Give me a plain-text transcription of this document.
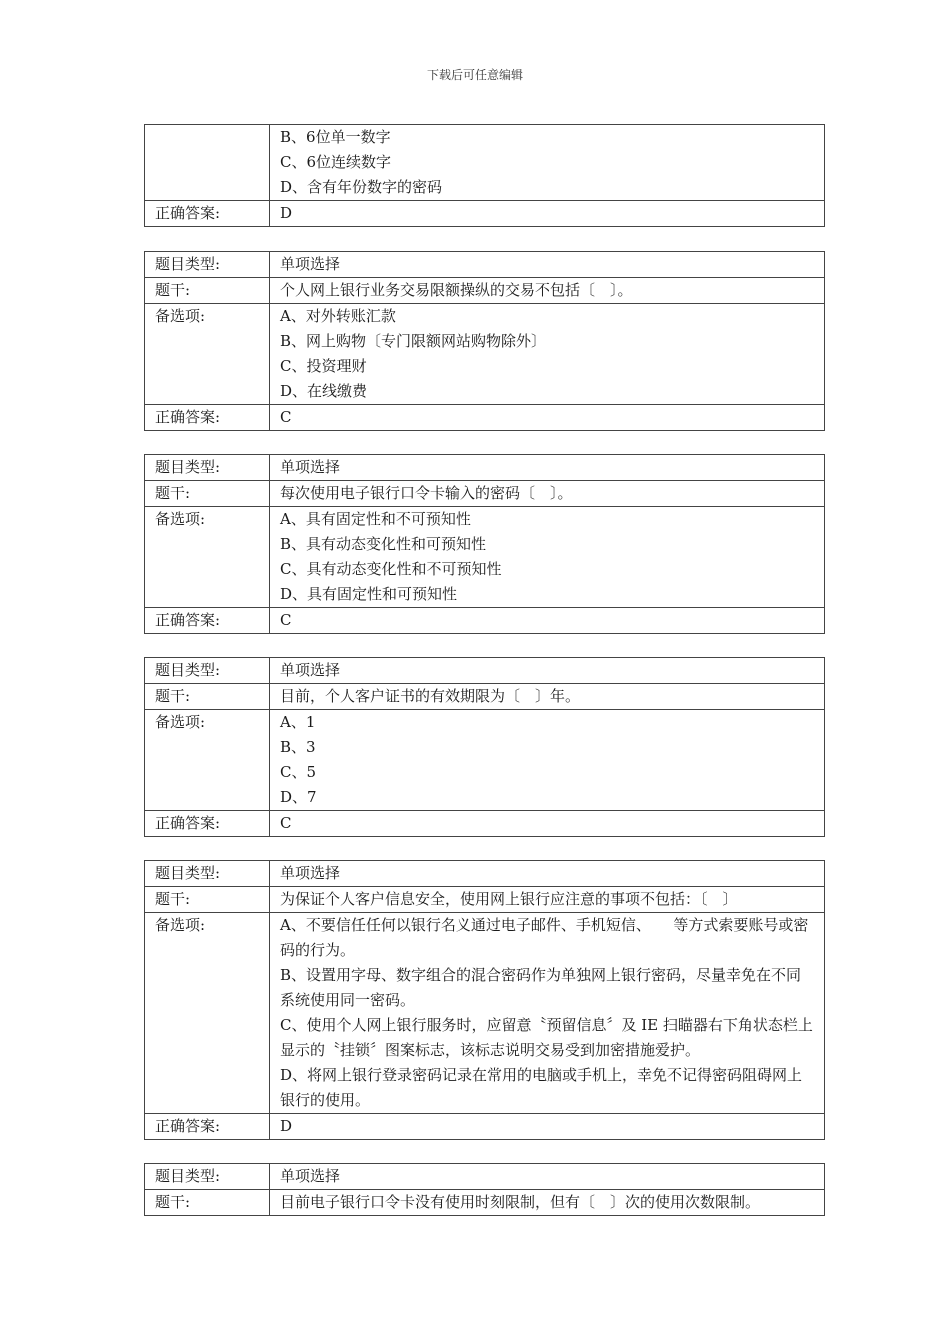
下载后可任意编辑

	B、6位单一数字
C、6位连续数字
D、含有年份数字的密码

正确答案:	D
题目类型:	单项选择
题干:	个人网上银行业务交易限额操纵的交易不包括〔　〕。
备选项:	A、对外转账汇款
B、网上购物〔专门限额网站购物除外〕
C、投资理财
D、在线缴费

正确答案:	C
题目类型:	单项选择
题干:	每次使用电子银行口令卡输入的密码〔　〕。
备选项:	A、具有固定性和不可预知性
B、具有动态变化性和可预知性
C、具有动态变化性和不可预知性
D、具有固定性和可预知性

正确答案:	C
题目类型:	单项选择
题干:	目前，个人客户证书的有效期限为〔　〕年。
备选项:	A、1
B、3
C、5
D、7

正确答案:	C
题目类型:	单项选择
题干:	为保证个人客户信息安全，使用网上银行应注意的事项不包括：〔　〕
备选项:	A、不要信任任何以银行名义通过电子邮件、手机短信、　　等方式索要账号或密码的行为。
B、设置用字母、数字组合的混合密码作为单独网上银行密码，尽量幸免在不同系统使用同一密码。
C、使用个人网上银行服务时，应留意〝预留信息〞及 IE 扫瞄器右下角状态栏上显示的〝挂锁〞图案标志，该标志说明交易受到加密措施爱护。
D、将网上银行登录密码记录在常用的电脑或手机上，幸免不记得密码阻碍网上银行的使用。

正确答案:	D
题目类型:	单项选择
题干:	目前电子银行口令卡没有使用时刻限制，但有〔　〕次的使用次数限制。
